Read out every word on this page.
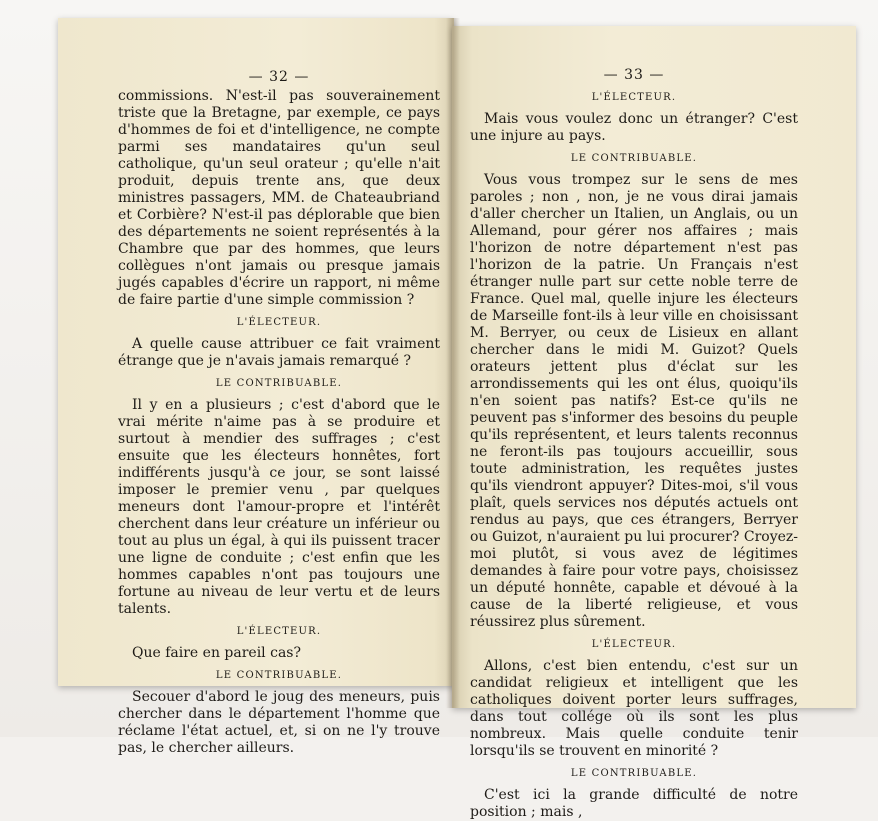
— 32 —

commissions. N'est-il pas souverainement triste que la Bretagne, par exemple, ce pays d'hommes de foi et d'intelligence, ne compte parmi ses mandataires qu'un seul catholique, qu'un seul orateur ; qu'elle n'ait produit, depuis trente ans, que deux ministres passagers, MM. de Chateaubriand et Corbière? N'est-il pas déplorable que bien des départements ne soient représentés à la Chambre que par des hommes, que leurs collègues n'ont jamais ou presque jamais jugés capables d'écrire un rapport, ni même de faire partie d'une simple commission ?

L'ÉLECTEUR.

A quelle cause attribuer ce fait vraiment étrange que je n'avais jamais remarqué ?

LE CONTRIBUABLE.

Il y en a plusieurs ; c'est d'abord que le vrai mérite n'aime pas à se produire et surtout à mendier des suffrages ; c'est ensuite que les électeurs honnêtes, fort indifférents jusqu'à ce jour, se sont laissé imposer le premier venu , par quelques meneurs dont l'amour-propre et l'intérêt cherchent dans leur créature un inférieur ou tout au plus un égal, à qui ils puissent tracer une ligne de conduite ; c'est enfin que les hommes capables n'ont pas toujours une fortune au niveau de leur vertu et de leurs talents.

L'ÉLECTEUR.

Que faire en pareil cas?

LE CONTRIBUABLE.

Secouer d'abord le joug des meneurs, puis chercher dans le département l'homme que réclame l'état actuel, et, si on ne l'y trouve pas, le chercher ailleurs.

— 33 —
L'ÉLECTEUR.

Mais vous voulez donc un étranger? C'est une injure au pays.

LE CONTRIBUABLE.

Vous vous trompez sur le sens de mes paroles ; non , non, je ne vous dirai jamais d'aller chercher un Italien, un Anglais, ou un Allemand, pour gérer nos affaires ; mais l'horizon de notre département n'est pas l'horizon de la patrie. Un Français n'est étranger nulle part sur cette noble terre de France. Quel mal, quelle injure les électeurs de Marseille font-ils à leur ville en choisissant M. Berryer, ou ceux de Lisieux en allant chercher dans le midi M. Guizot? Quels orateurs jettent plus d'éclat sur les arrondissements qui les ont élus, quoiqu'ils n'en soient pas natifs? Est-ce qu'ils ne peuvent pas s'informer des besoins du peuple qu'ils représentent, et leurs talents reconnus ne feront-ils pas toujours accueillir, sous toute administration, les requêtes justes qu'ils viendront appuyer? Dites-moi, s'il vous plaît, quels services nos députés actuels ont rendus au pays, que ces étrangers, Berryer ou Guizot, n'auraient pu lui procurer? Croyez-moi plutôt, si vous avez de légitimes demandes à faire pour votre pays, choisissez un député honnête, capable et dévoué à la cause de la liberté religieuse, et vous réussirez plus sûrement.

L'ÉLECTEUR.

Allons, c'est bien entendu, c'est sur un candidat religieux et intelligent que les catholiques doivent porter leurs suffrages, dans tout collége où ils sont les plus nombreux. Mais quelle conduite tenir lorsqu'ils se trouvent en minorité ?

LE CONTRIBUABLE.

C'est ici la grande difficulté de notre position ; mais ,
